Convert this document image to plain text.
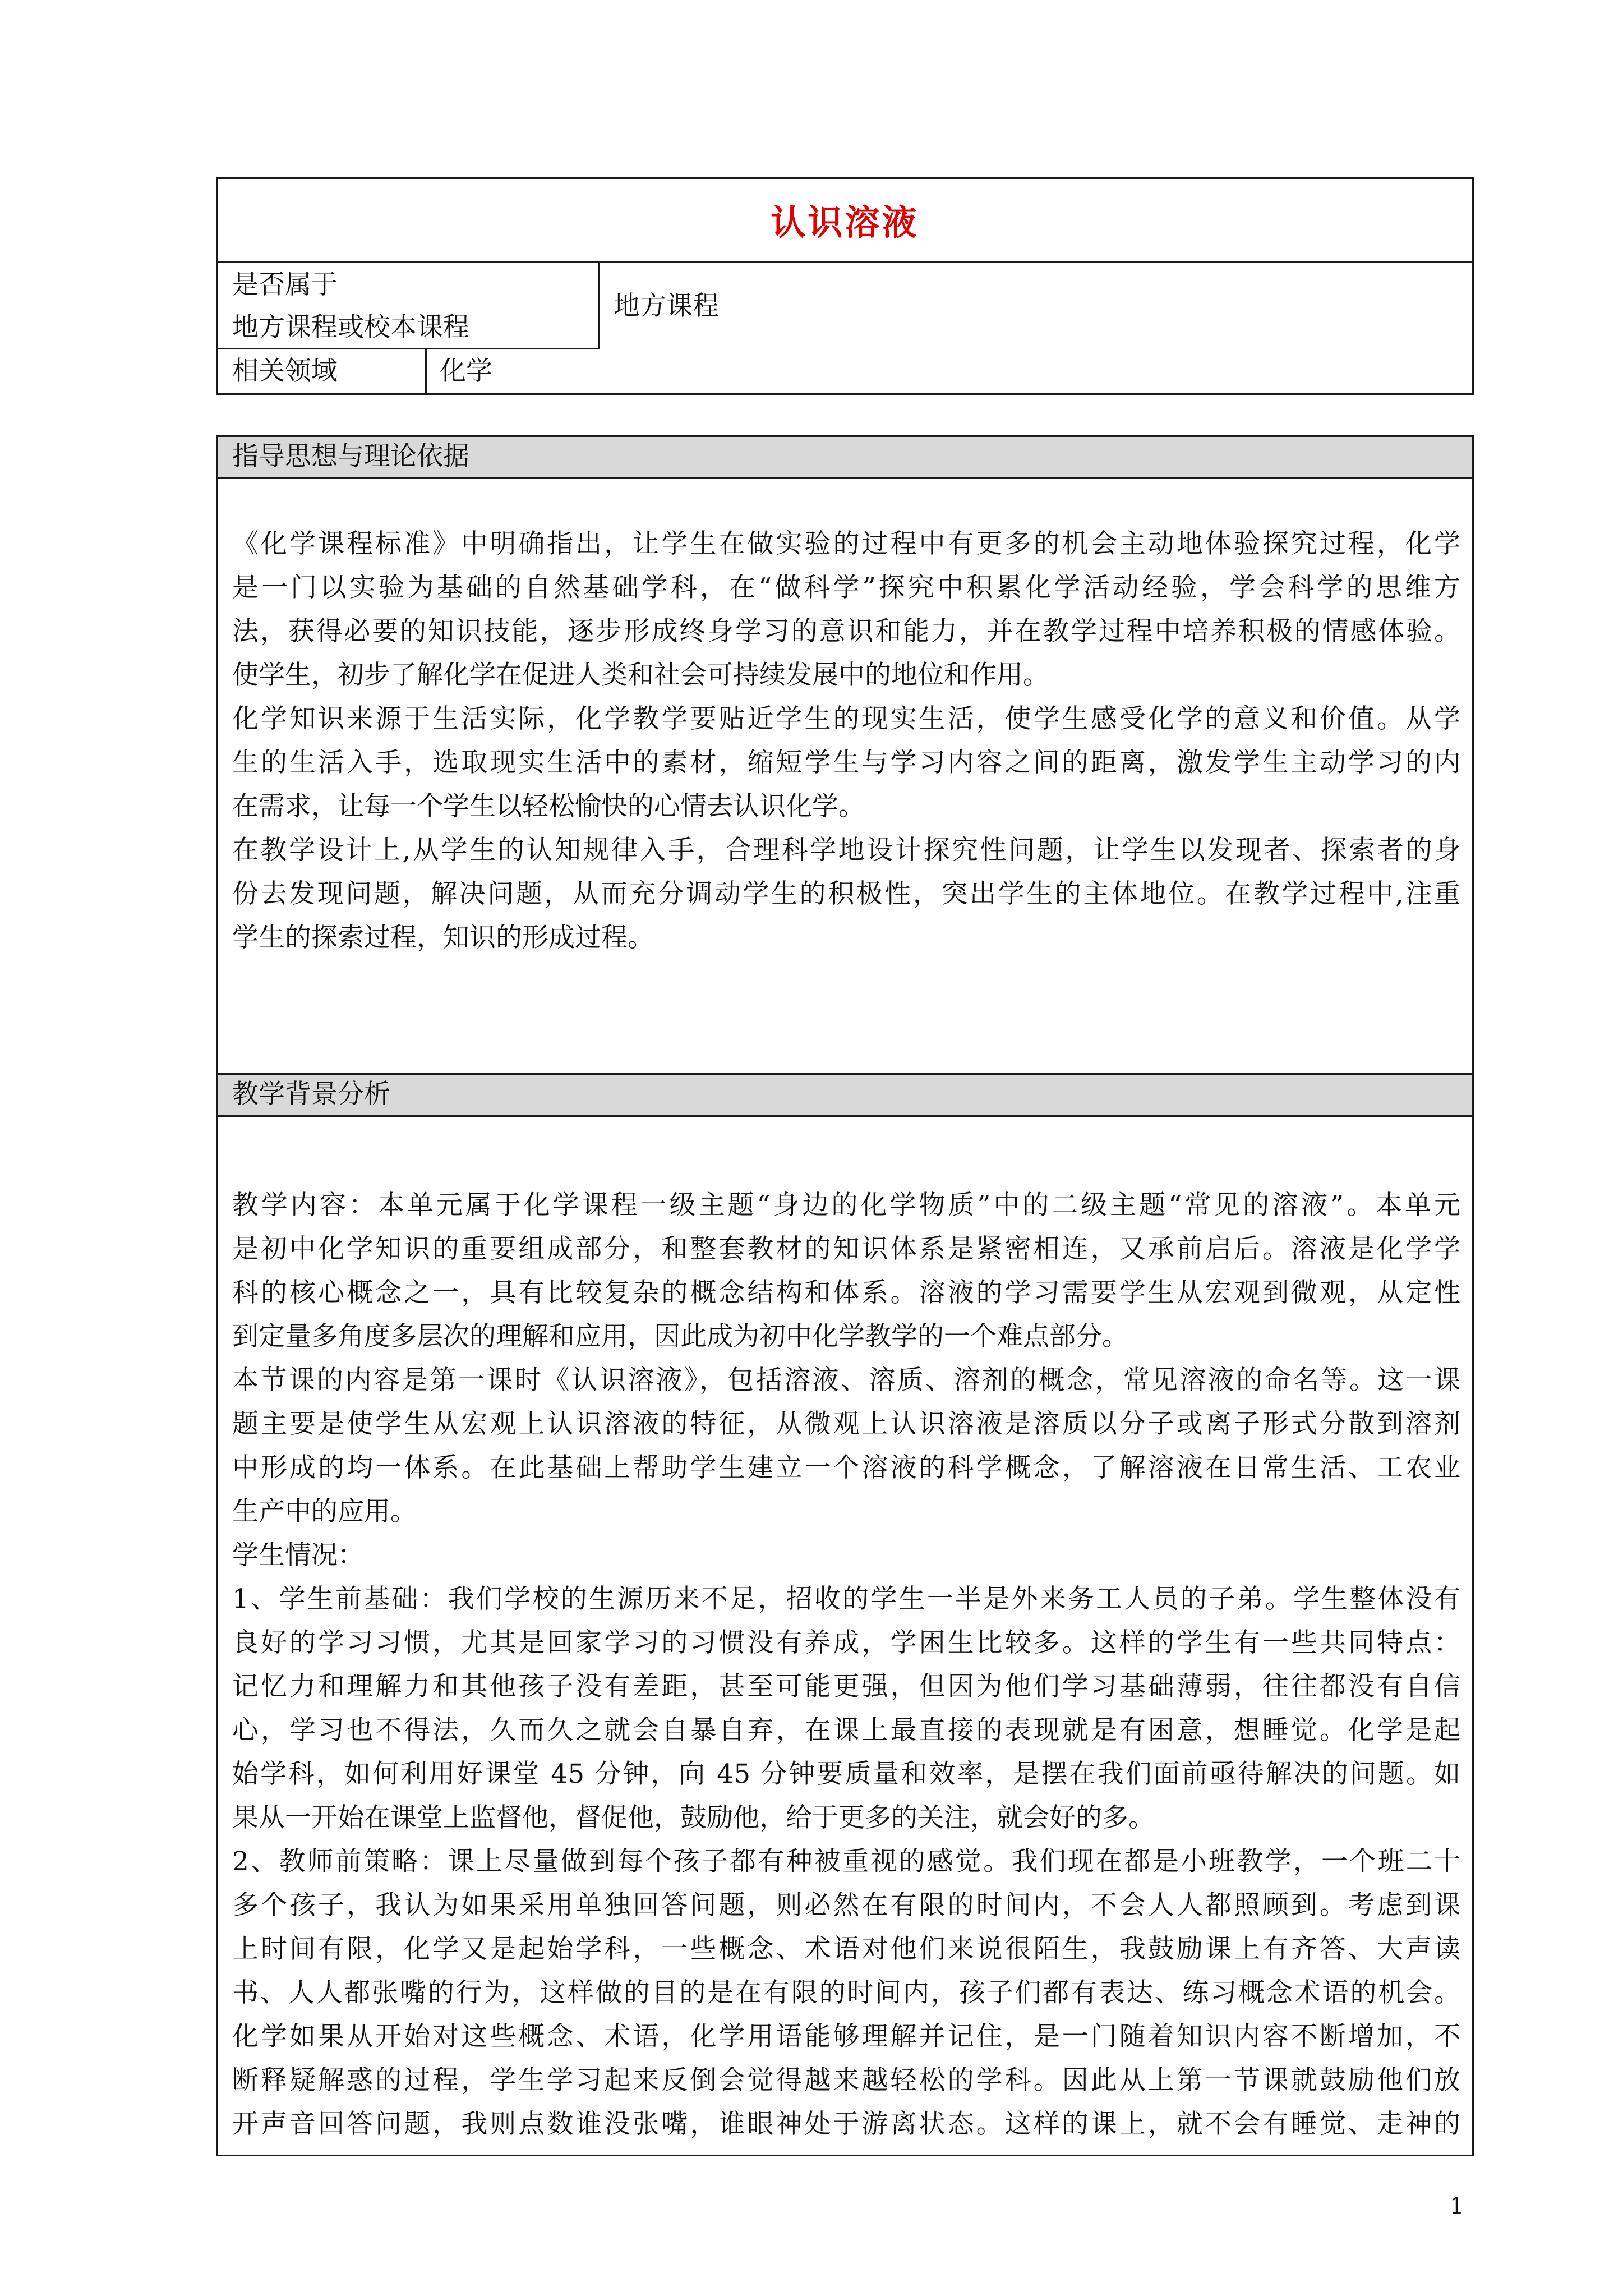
认识溶液
是否属于
地方课程或校本课程
地方课程
相关领域	化学
指导思想与理论依据
教学背景分析
《化学课程标准》中明确指出，让学生在做实验的过程中有更多的机会主动地体验探究过程，化学
是一门以实验为基础的自然基础学科，在“做科学”探究中积累化学活动经验，学会科学的思维方
法，获得必要的知识技能，逐步形成终身学习的意识和能力，并在教学过程中培养积极的情感体验。
使学生，初步了解化学在促进人类和社会可持续发展中的地位和作用。
化学知识来源于生活实际，化学教学要贴近学生的现实生活，使学生感受化学的意义和价值。从学
生的生活入手，选取现实生活中的素材，缩短学生与学习内容之间的距离，激发学生主动学习的内
在需求，让每一个学生以轻松愉快的心情去认识化学。
在教学设计上,从学生的认知规律入手，合理科学地设计探究性问题，让学生以发现者、探索者的身
份去发现问题，解决问题，从而充分调动学生的积极性，突出学生的主体地位。在教学过程中,注重
学生的探索过程，知识的形成过程。
教学内容：本单元属于化学课程一级主题“身边的化学物质”中的二级主题“常见的溶液”。本单元
是初中化学知识的重要组成部分，和整套教材的知识体系是紧密相连，又承前启后。溶液是化学学
科的核心概念之一，具有比较复杂的概念结构和体系。溶液的学习需要学生从宏观到微观，从定性
到定量多角度多层次的理解和应用，因此成为初中化学教学的一个难点部分。
本节课的内容是第一课时《认识溶液》，包括溶液、溶质、溶剂的概念，常见溶液的命名等。这一课
题主要是使学生从宏观上认识溶液的特征，从微观上认识溶液是溶质以分子或离子形式分散到溶剂
中形成的均一体系。在此基础上帮助学生建立一个溶液的科学概念，了解溶液在日常生活、工农业
生产中的应用。
学生情况：
1、学生前基础：我们学校的生源历来不足，招收的学生一半是外来务工人员的子弟。学生整体没有
良好的学习习惯，尤其是回家学习的习惯没有养成，学困生比较多。这样的学生有一些共同特点：
记忆力和理解力和其他孩子没有差距，甚至可能更强，但因为他们学习基础薄弱，往往都没有自信
心，学习也不得法，久而久之就会自暴自弃，在课上最直接的表现就是有困意，想睡觉。化学是起
始学科，如何利用好课堂 45 分钟，向 45 分钟要质量和效率，是摆在我们面前亟待解决的问题。如
果从一开始在课堂上监督他，督促他，鼓励他，给于更多的关注，就会好的多。
2、教师前策略：课上尽量做到每个孩子都有种被重视的感觉。我们现在都是小班教学，一个班二十
多个孩子，我认为如果采用单独回答问题，则必然在有限的时间内，不会人人都照顾到。考虑到课
上时间有限，化学又是起始学科，一些概念、术语对他们来说很陌生，我鼓励课上有齐答、大声读
书、人人都张嘴的行为，这样做的目的是在有限的时间内，孩子们都有表达、练习概念术语的机会。
化学如果从开始对这些概念、术语，化学用语能够理解并记住，是一门随着知识内容不断增加，不
断释疑解惑的过程，学生学习起来反倒会觉得越来越轻松的学科。因此从上第一节课就鼓励他们放
开声音回答问题，我则点数谁没张嘴，谁眼神处于游离状态。这样的课上，就不会有睡觉、走神的
1
